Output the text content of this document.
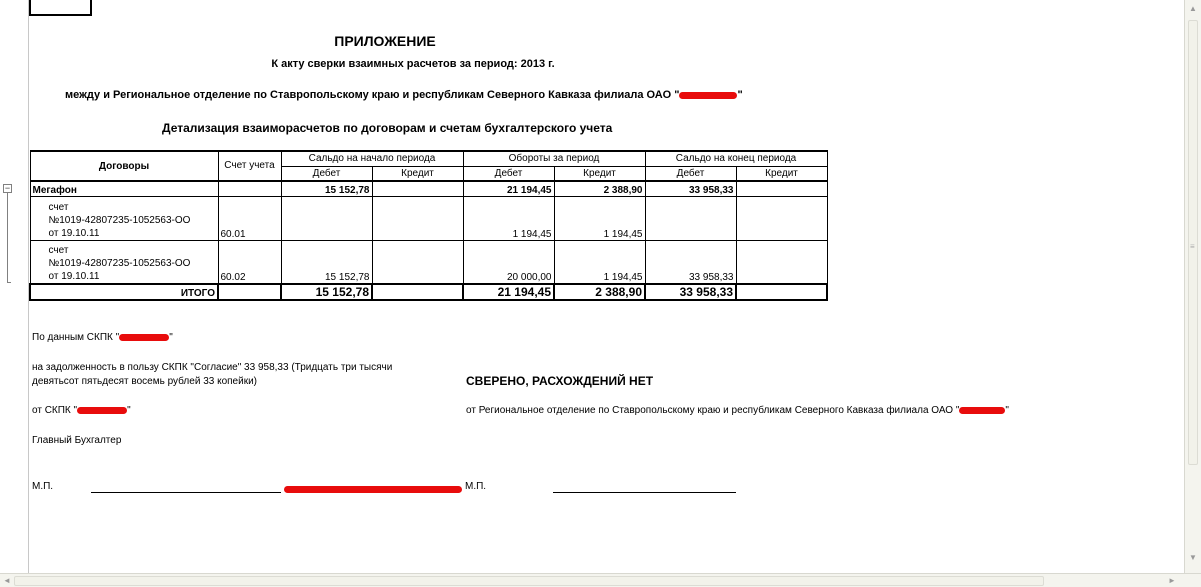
−
ПРИЛОЖЕНИЕ
К акту сверки взаимных расчетов за период: 2013 г.
между и Региональное отделение по Ставропольскому краю и республикам Северного Кавказа филиала ОАО "	"
Детализация взаиморасчетов по договорам и счетам бухгалтерского учета
Договоры	Счет учета	Сальдо на начало периода		Обороты за период		Сальдо на конец периода	
		Дебет	Кредит	Дебет	Кредит	Дебет	Кредит
Мегафон		15 152,78		21 194,45	2 388,90	33 958,33	

счет
№1019-42807235-1052563-ОО
от 19.10.11	60.01			1 194,45	1 194,45		

счет
№1019-42807235-1052563-ОО
от 19.10.11	60.02	15 152,78		20 000,00	1 194,45	33 958,33	
ИТОГО		15 152,78		21 194,45	2 388,90	33 958,33	
По данным СКПК "	"
на задолженность в пользу СКПК "Согласие" 33 958,33 (Тридцать три тысячи
девятьсот пятьдесят восемь рублей 33 копейки)	СВЕРЕНО, РАСХОЖДЕНИЙ НЕТ
от СКПК "	"	от Региональное отделение по Ставропольскому краю и республикам Северного Кавказа филиала ОАО "	"
Главный Бухгалтер
М.П.	М.П.
▲
≡
▼
◄	►
